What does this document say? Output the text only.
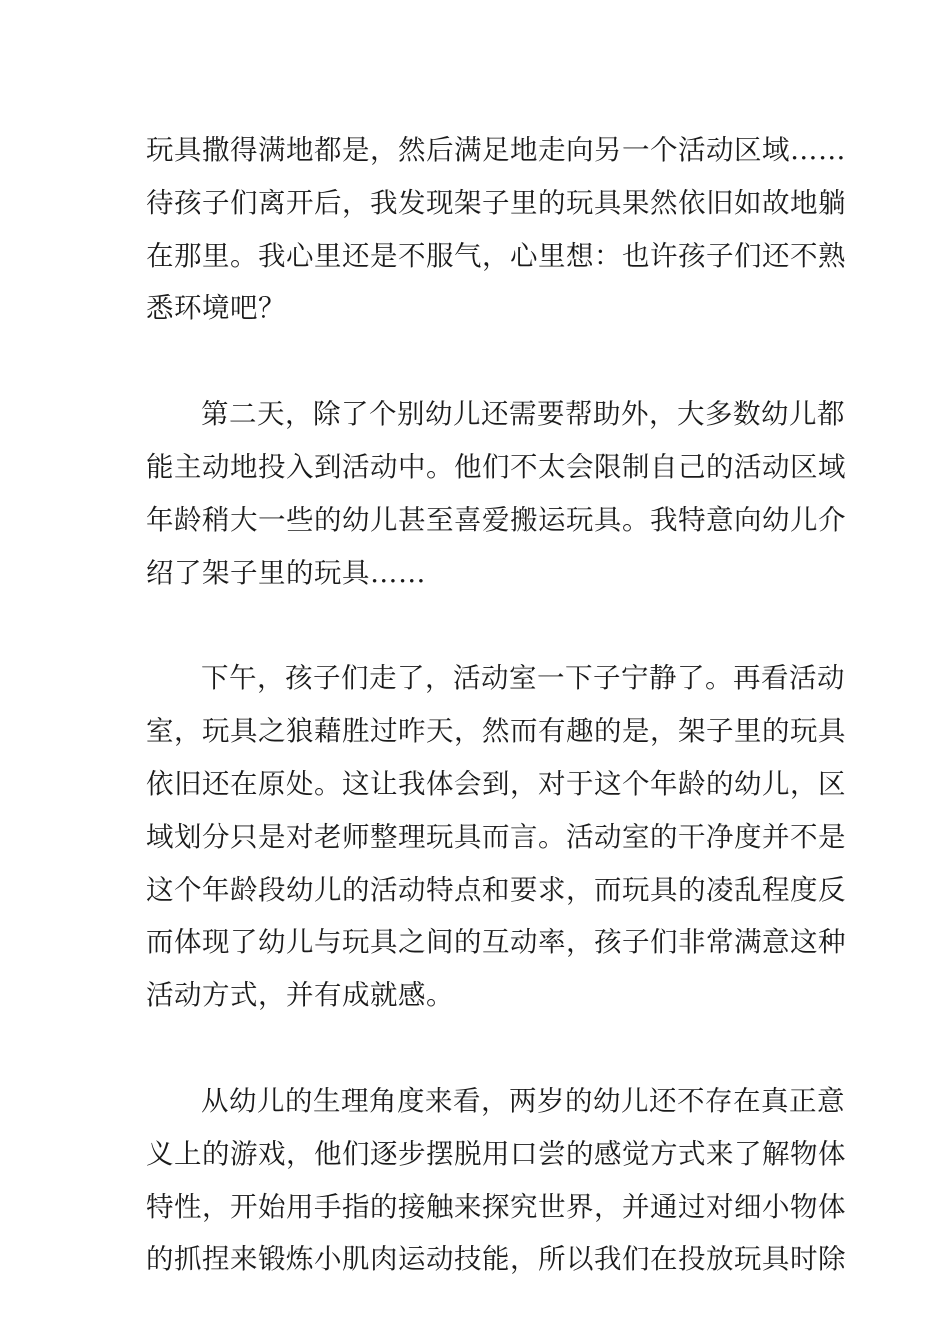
玩具撒得满地都是，然后满足地走向另一个活动区域……
待孩子们离开后，我发现架子里的玩具果然依旧如故地躺
在那里。我心里还是不服气，心里想：也许孩子们还不熟
悉环境吧？

第二天，除了个别幼儿还需要帮助外，大多数幼儿都
能主动地投入到活动中。他们不太会限制自己的活动区域
年龄稍大一些的幼儿甚至喜爱搬运玩具。我特意向幼儿介
绍了架子里的玩具……

下午，孩子们走了，活动室一下子宁静了。再看活动
室，玩具之狼藉胜过昨天，然而有趣的是，架子里的玩具
依旧还在原处。这让我体会到，对于这个年龄的幼儿，区
域划分只是对老师整理玩具而言。活动室的干净度并不是
这个年龄段幼儿的活动特点和要求，而玩具的凌乱程度反
而体现了幼儿与玩具之间的互动率，孩子们非常满意这种
活动方式，并有成就感。

从幼儿的生理角度来看，两岁的幼儿还不存在真正意
义上的游戏，他们逐步摆脱用口尝的感觉方式来了解物体
特性，开始用手指的接触来探究世界，并通过对细小物体
的抓捏来锻炼小肌肉运动技能，所以我们在投放玩具时除
